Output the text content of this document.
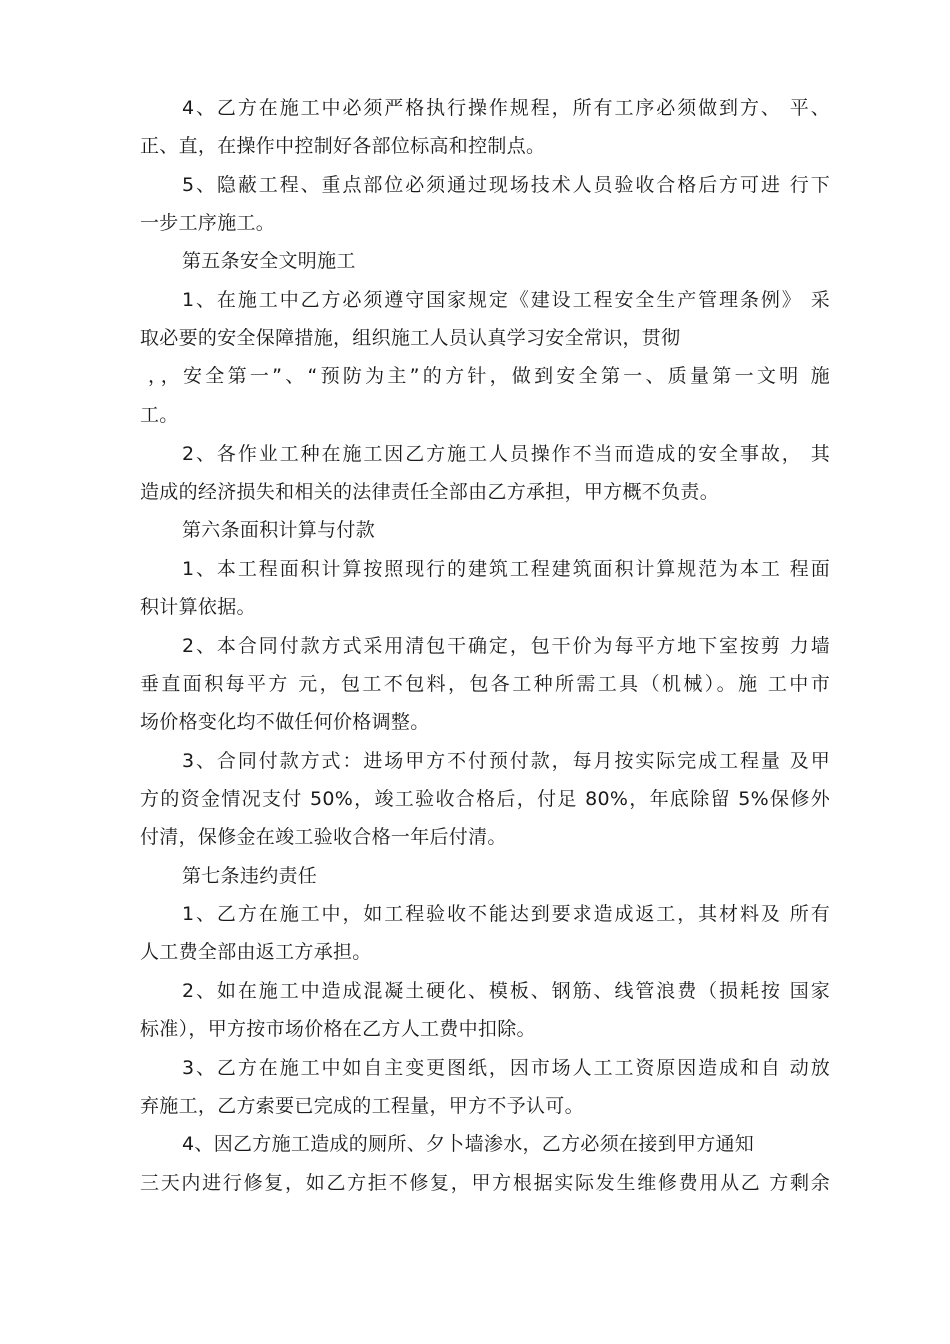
4、乙方在施工中必须严格执行操作规程，所有工序必须做到方、 平、
正、直，在操作中控制好各部位标高和控制点。
5、隐蔽工程、重点部位必须通过现场技术人员验收合格后方可进 行下
一步工序施工。
第五条安全文明施工
1、在施工中乙方必须遵守国家规定《建设工程安全生产管理条例》 采
取必要的安全保障措施，组织施工人员认真学习安全常识，贯彻
，，安全第一”、“预防为主”的方针，做到安全第一、质量第一文明 施
工。
2、各作业工种在施工因乙方施工人员操作不当而造成的安全事故， 其
造成的经济损失和相关的法律责任全部由乙方承担，甲方概不负责。
第六条面积计算与付款
1、本工程面积计算按照现行的建筑工程建筑面积计算规范为本工 程面
积计算依据。
2、本合同付款方式采用清包干确定，包干价为每平方地下室按剪 力墙
垂直面积每平方 元，包工不包料，包各工种所需工具（机械）。施 工中市
场价格变化均不做任何价格调整。
3、合同付款方式：进场甲方不付预付款，每月按实际完成工程量 及甲
方的资金情况支付 50%，竣工验收合格后，付足 80%，年底除留 5%保修外
付清，保修金在竣工验收合格一年后付清。
第七条违约责任
1、乙方在施工中，如工程验收不能达到要求造成返工，其材料及 所有
人工费全部由返工方承担。
2、如在施工中造成混凝土硬化、模板、钢筋、线管浪费（损耗按 国家
标准），甲方按市场价格在乙方人工费中扣除。
3、乙方在施工中如自主变更图纸，因市场人工工资原因造成和自 动放
弃施工，乙方索要已完成的工程量，甲方不予认可。
4、因乙方施工造成的厕所、夕卜墙渗水，乙方必须在接到甲方通知
三天内进行修复，如乙方拒不修复，甲方根据实际发生维修费用从乙 方剩余
